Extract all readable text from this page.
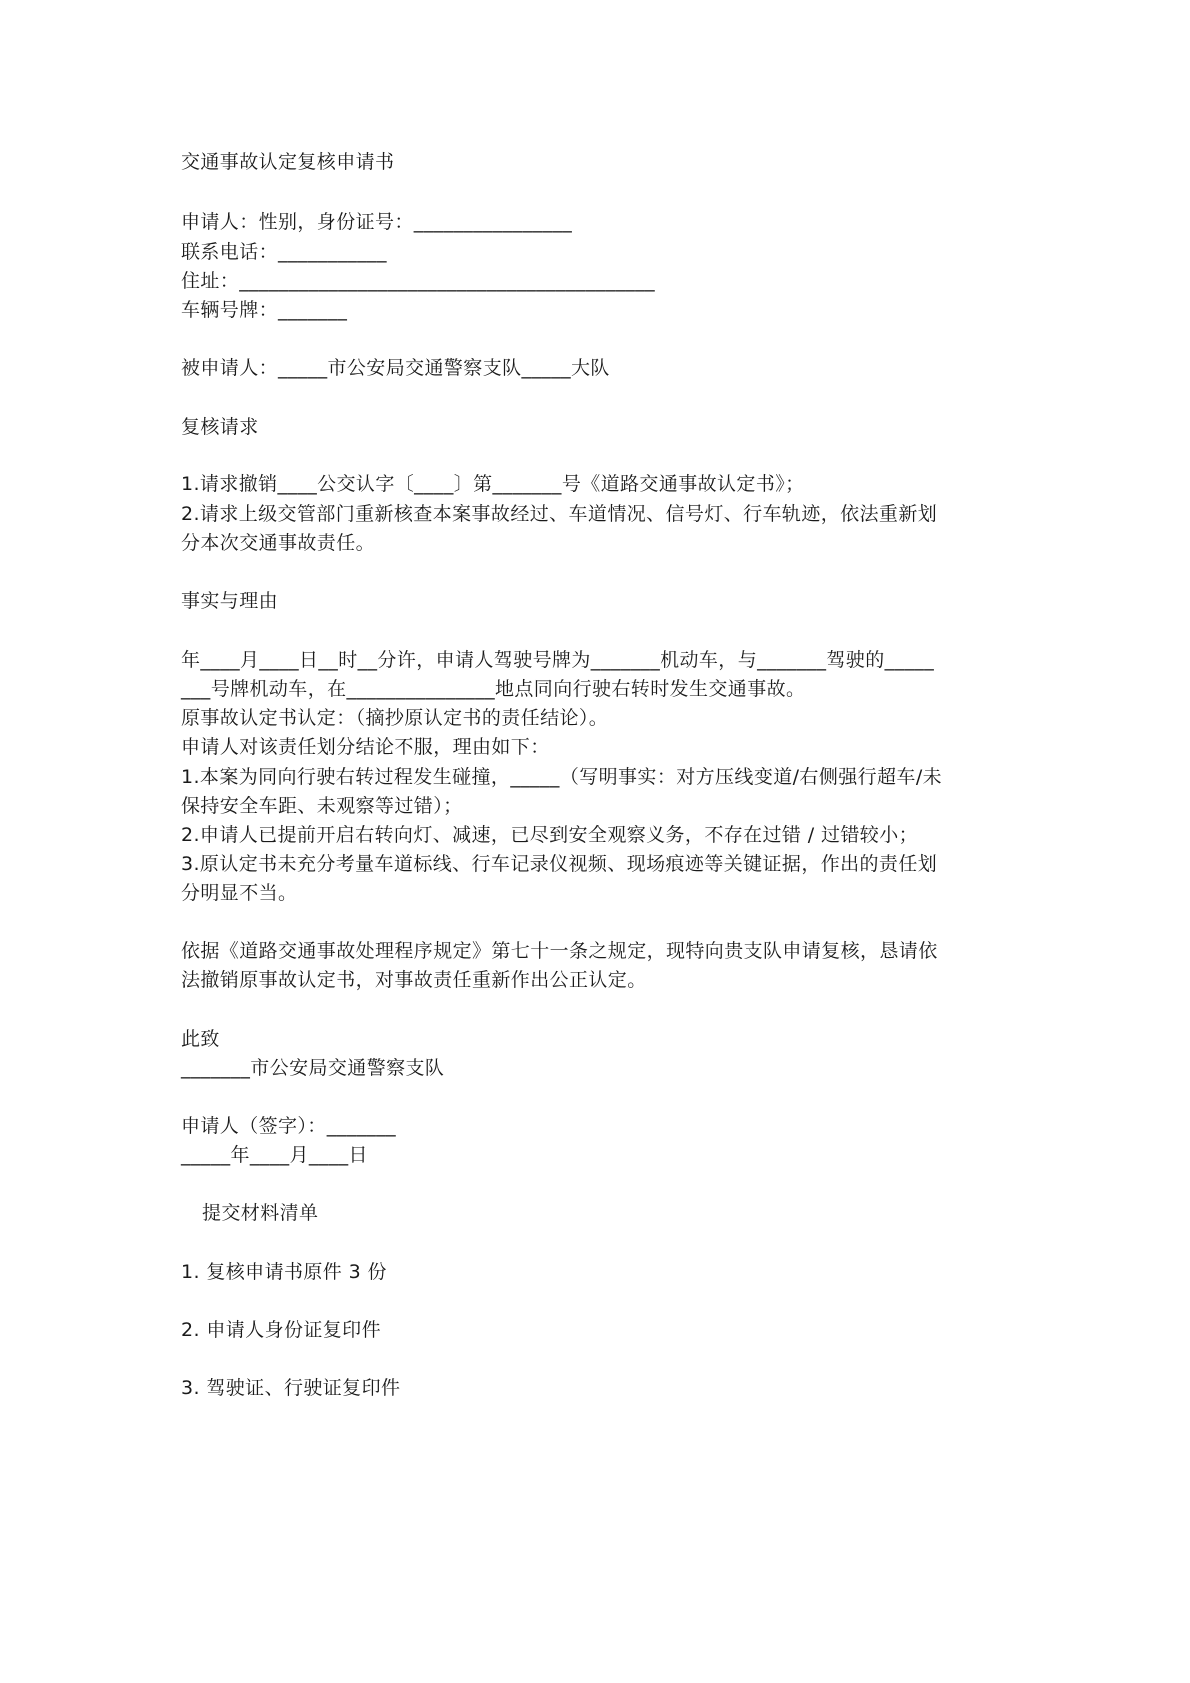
交通事故认定复核申请书
申请人：性别，身份证号：________________
联系电话：___________
住址：__________________________________________
车辆号牌：_______
被申请人：_____市公安局交通警察支队_____大队
复核请求
1.请求撤销____公交认字〔____〕第_______号《道路交通事故认定书》；
2.请求上级交管部门重新核查本案事故经过、车道情况、信号灯、行车轨迹，依法重新划
分本次交通事故责任。
事实与理由
年____月____日__时__分许，申请人驾驶号牌为_______机动车，与_______驾驶的_____
___号牌机动车，在_______________地点同向行驶右转时发生交通事故。
原事故认定书认定：（摘抄原认定书的责任结论）。
申请人对该责任划分结论不服，理由如下：
1.本案为同向行驶右转过程发生碰撞，_____（写明事实：对方压线变道/右侧强行超车/未
保持安全车距、未观察等过错）；
2.申请人已提前开启右转向灯、减速，已尽到安全观察义务，不存在过错 / 过错较小；
3.原认定书未充分考量车道标线、行车记录仪视频、现场痕迹等关键证据，作出的责任划
分明显不当。
依据《道路交通事故处理程序规定》第七十一条之规定，现特向贵支队申请复核，恳请依
法撤销原事故认定书，对事故责任重新作出公正认定。
此致
_______市公安局交通警察支队
申请人（签字）：_______
_____年____月____日
提交材料清单
1. 复核申请书原件 3 份
2. 申请人身份证复印件
3. 驾驶证、行驶证复印件
